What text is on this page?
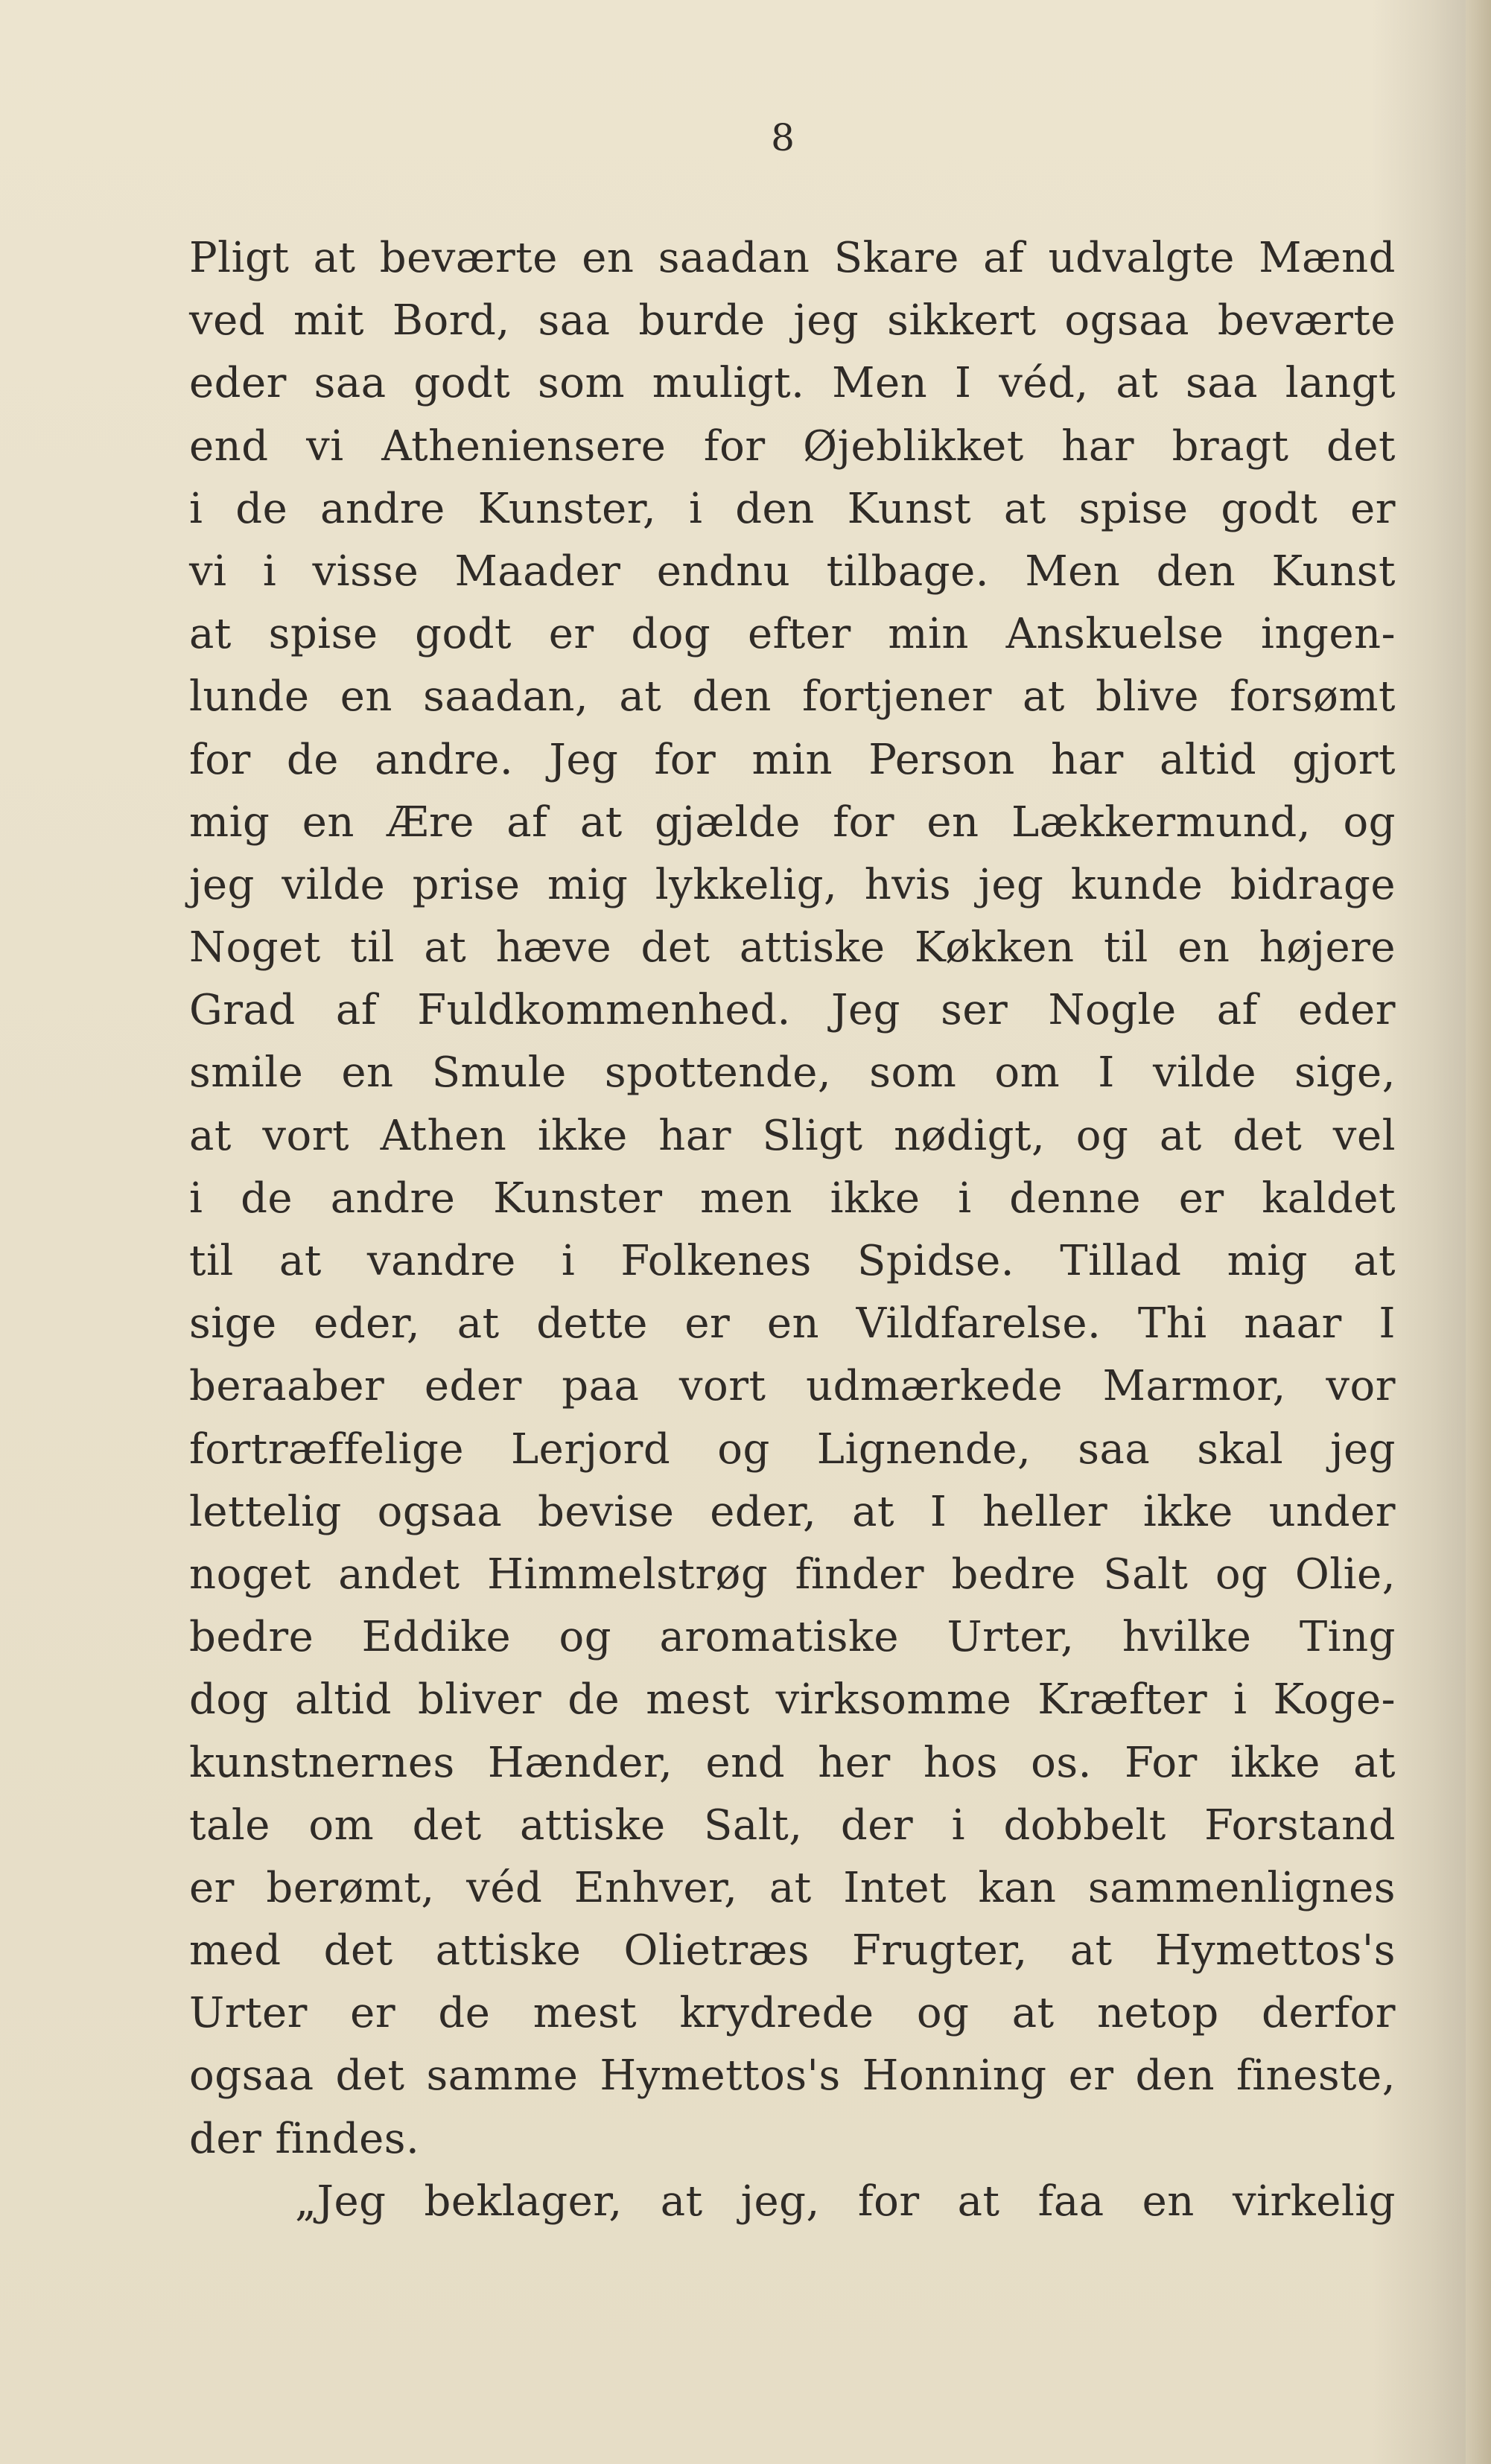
8
Pligt at beværte en saadan Skare af udvalgte Mænd
ved mit Bord, saa burde jeg sikkert ogsaa beværte
eder saa godt som muligt. Men I véd, at saa langt
end vi Atheniensere for Øjeblikket har bragt det
i de andre Kunster, i den Kunst at spise godt er
vi i visse Maader endnu tilbage. Men den Kunst
at spise godt er dog efter min Anskuelse ingen-
lunde en saadan, at den fortjener at blive forsømt
for de andre. Jeg for min Person har altid gjort
mig en Ære af at gjælde for en Lækkermund, og
jeg vilde prise mig lykkelig, hvis jeg kunde bidrage
Noget til at hæve det attiske Køkken til en højere
Grad af Fuldkommenhed. Jeg ser Nogle af eder
smile en Smule spottende, som om I vilde sige,
at vort Athen ikke har Sligt nødigt, og at det vel
i de andre Kunster men ikke i denne er kaldet
til at vandre i Folkenes Spidse. Tillad mig at
sige eder, at dette er en Vildfarelse. Thi naar I
beraaber eder paa vort udmærkede Marmor, vor
fortræffelige Lerjord og Lignende, saa skal jeg
lettelig ogsaa bevise eder, at I heller ikke under
noget andet Himmelstrøg finder bedre Salt og Olie,
bedre Eddike og aromatiske Urter, hvilke Ting
dog altid bliver de mest virksomme Kræfter i Koge-
kunstnernes Hænder, end her hos os. For ikke at
tale om det attiske Salt, der i dobbelt Forstand
er berømt, véd Enhver, at Intet kan sammenlignes
med det attiske Olietræs Frugter, at Hymettos's
Urter er de mest krydrede og at netop derfor
ogsaa det samme Hymettos's Honning er den fineste,
der findes.
„Jeg beklager, at jeg, for at faa en virkelig
